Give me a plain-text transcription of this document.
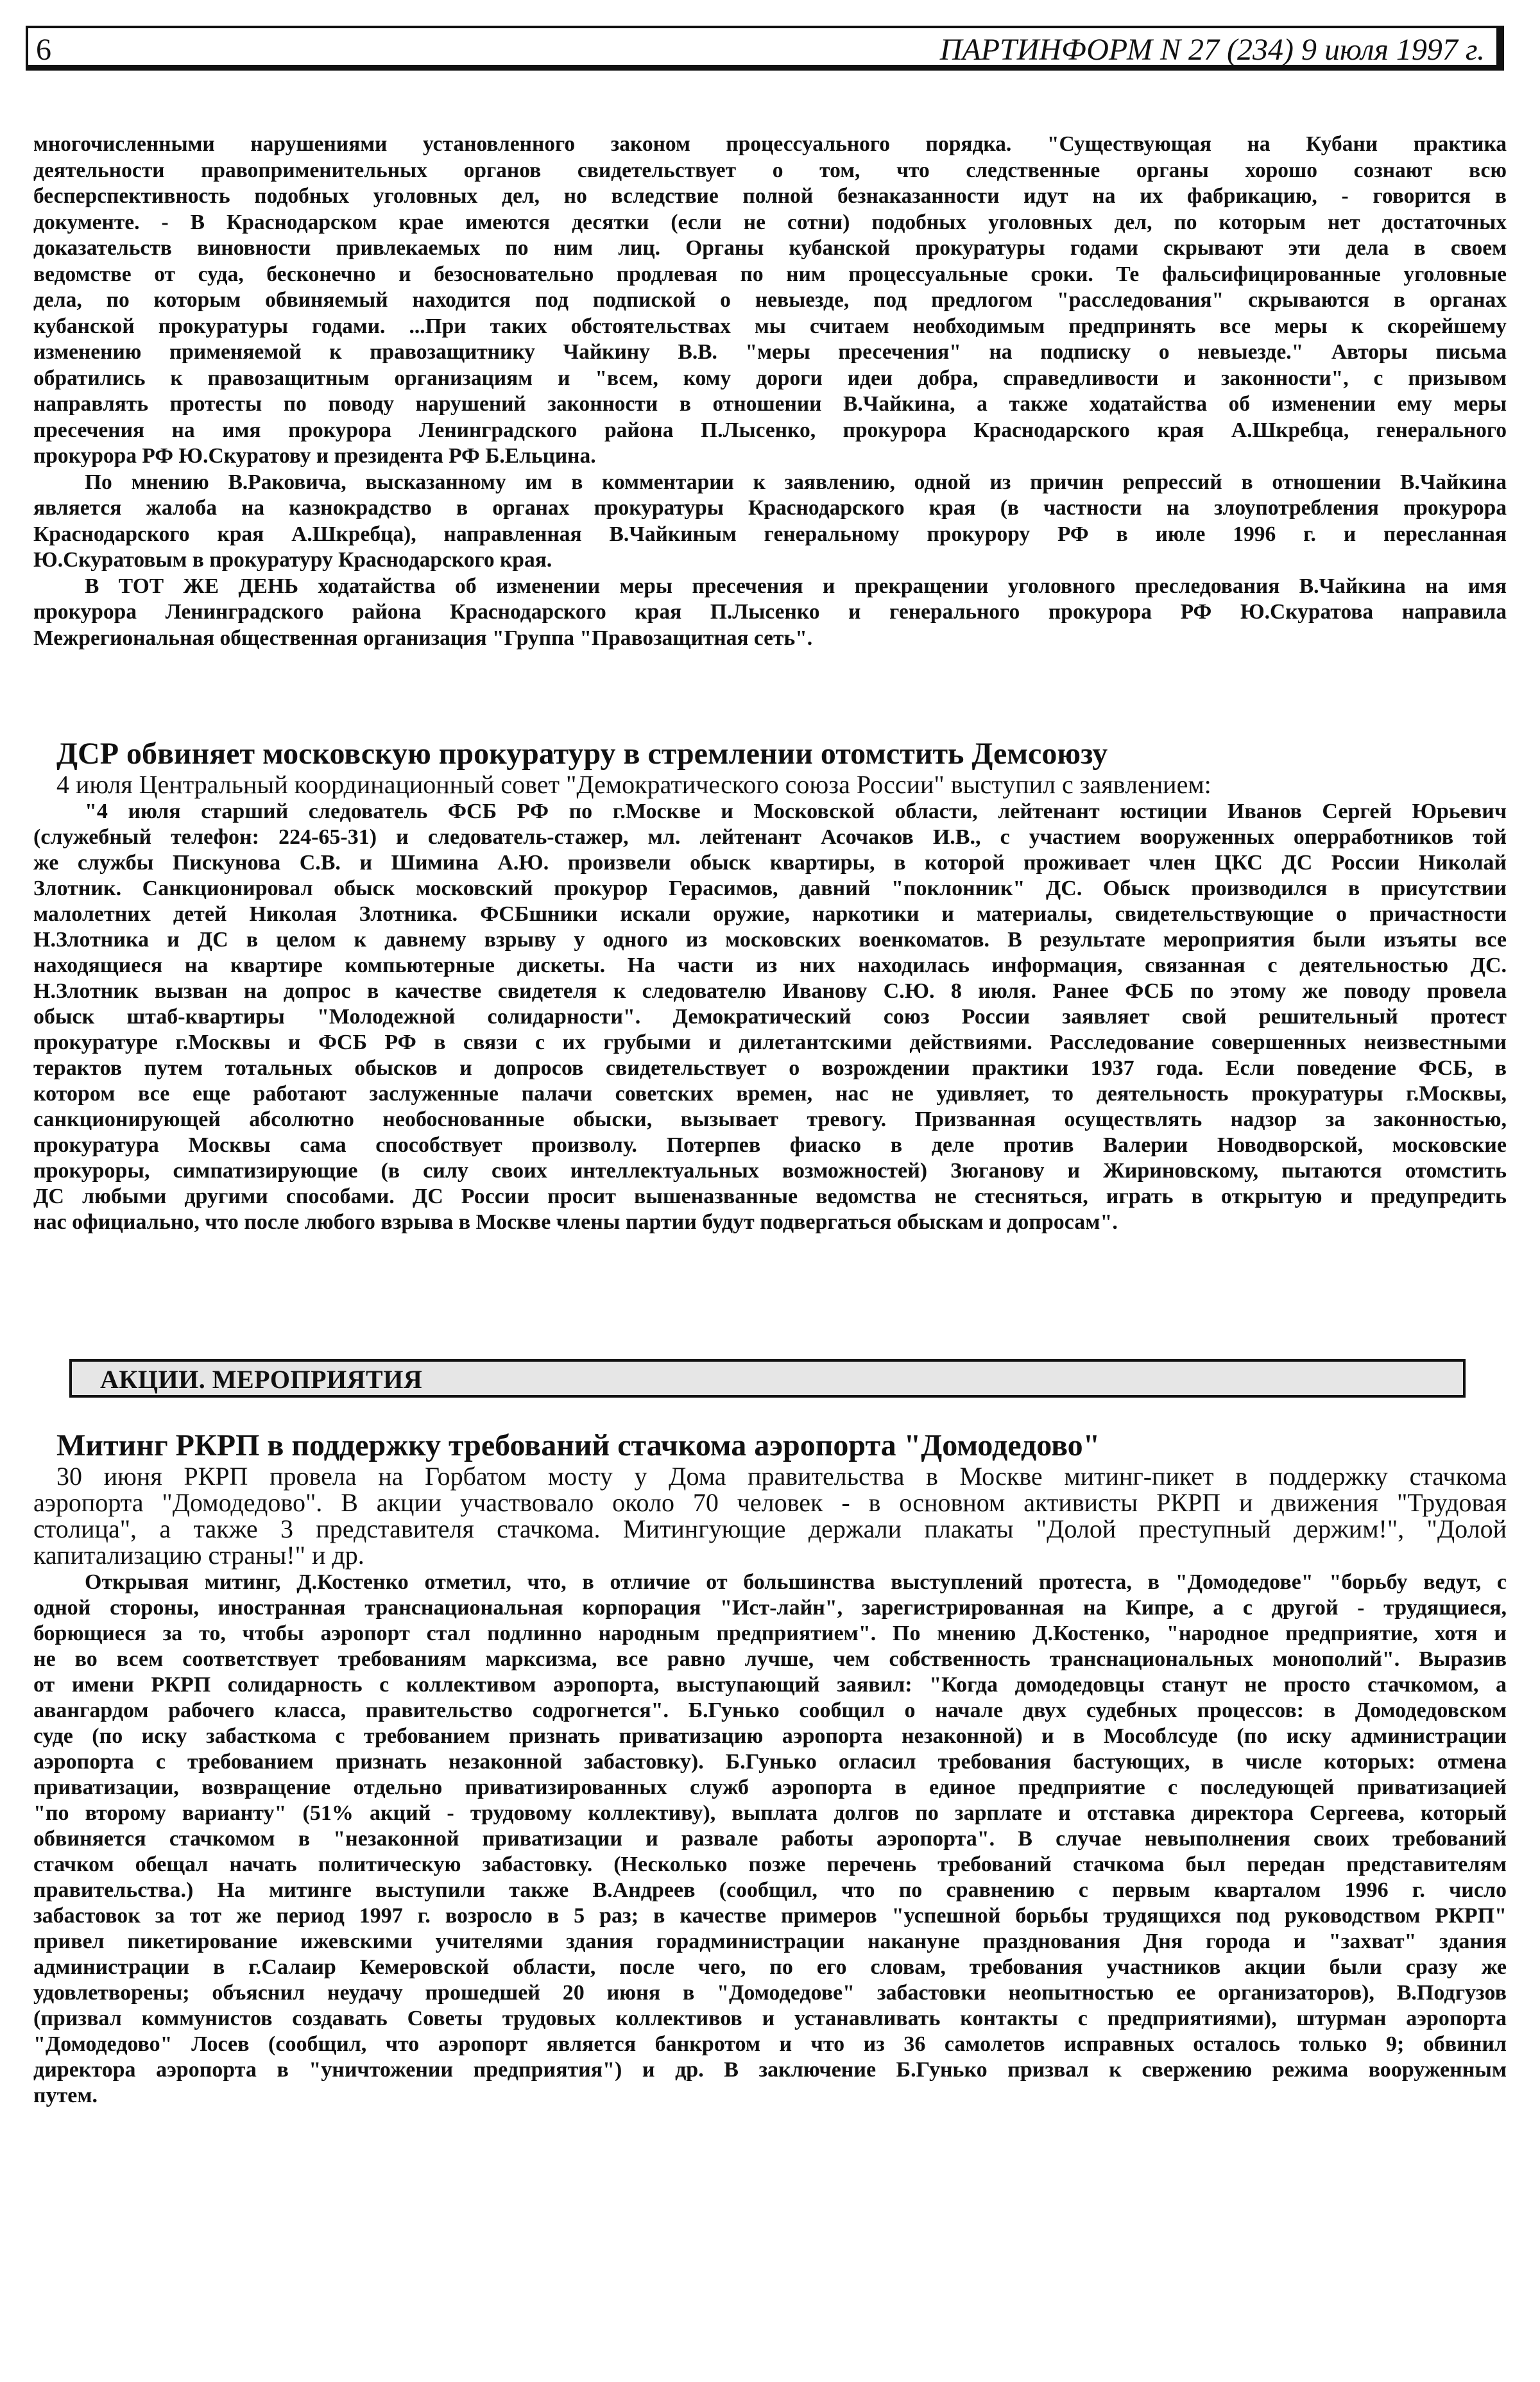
6	ПАРТИНФОРМ N 27 (234) 9 июля 1997 г.
многочисленными нарушениями установленного законом процессуального порядка. "Существующая на Кубани практика
деятельности правоприменительных органов свидетельствует о том, что следственные органы хорошо сознают всю
бесперспективность подобных уголовных дел, но вследствие полной безнаказанности идут на их фабрикацию, - говорится в
документе. - В Краснодарском крае имеются десятки (если не сотни) подобных уголовных дел, по которым нет достаточных
доказательств виновности привлекаемых по ним лиц. Органы кубанской прокуратуры годами скрывают эти дела в своем
ведомстве от суда, бесконечно и безосновательно продлевая по ним процессуальные сроки. Те фальсифицированные уголовные
дела, по которым обвиняемый находится под подпиской о невыезде, под предлогом "расследования" скрываются в органах
кубанской прокуратуры годами. ...При таких обстоятельствах мы считаем необходимым предпринять все меры к скорейшему
изменению применяемой к правозащитнику Чайкину В.В. "меры пресечения" на подписку о невыезде." Авторы письма
обратились к правозащитным организациям и "всем, кому дороги идеи добра, справедливости и законности", с призывом
направлять протесты по поводу нарушений законности в отношении В.Чайкина, а также ходатайства об изменении ему меры
пресечения на имя прокурора Ленинградского района П.Лысенко, прокурора Краснодарского края А.Шкребца, генерального
прокурора РФ Ю.Скуратову и президента РФ Б.Ельцина.
По мнению В.Раковича, высказанному им в комментарии к заявлению, одной из причин репрессий в отношении В.Чайкина
является жалоба на казнокрадство в органах прокуратуры Краснодарского края (в частности на злоупотребления прокурора
Краснодарского края А.Шкребца), направленная В.Чайкиным генеральному прокурору РФ в июле 1996 г. и пересланная
Ю.Скуратовым в прокуратуру Краснодарского края.
В ТОТ ЖЕ ДЕНЬ ходатайства об изменении меры пресечения и прекращении уголовного преследования В.Чайкина на имя
прокурора Ленинградского района Краснодарского края П.Лысенко и генерального прокурора РФ Ю.Скуратова направила
Межрегиональная общественная организация "Группа "Правозащитная сеть".
ДСР обвиняет московскую прокуратуру в стремлении отомстить Демсоюзу
4 июля Центральный координационный совет "Демократического союза России" выступил с заявлением:
"4 июля старший следователь ФСБ РФ по г.Москве и Московской области, лейтенант юстиции Иванов Сергей Юрьевич
(служебный телефон: 224-65-31) и следователь-стажер, мл. лейтенант Асочаков И.В., с участием вооруженных оперработников той
же службы Пискунова С.В. и Шимина А.Ю. произвели обыск квартиры, в которой проживает член ЦКС ДС России Николай
Злотник. Санкционировал обыск московский прокурор Герасимов, давний "поклонник" ДС. Обыск производился в присутствии
малолетних детей Николая Злотника. ФСБшники искали оружие, наркотики и материалы, свидетельствующие о причастности
Н.Злотника и ДС в целом к давнему взрыву у одного из московских военкоматов. В результате мероприятия были изъяты все
находящиеся на квартире компьютерные дискеты. На части из них находилась информация, связанная с деятельностью ДС.
Н.Злотник вызван на допрос в качестве свидетеля к следователю Иванову С.Ю. 8 июля. Ранее ФСБ по этому же поводу провела
обыск штаб-квартиры "Молодежной солидарности". Демократический союз России заявляет свой решительный протест
прокуратуре г.Москвы и ФСБ РФ в связи с их грубыми и дилетантскими действиями. Расследование совершенных неизвестными
терактов путем тотальных обысков и допросов свидетельствует о возрождении практики 1937 года. Если поведение ФСБ, в
котором все еще работают заслуженные палачи советских времен, нас не удивляет, то деятельность прокуратуры г.Москвы,
санкционирующей абсолютно необоснованные обыски, вызывает тревогу. Призванная осуществлять надзор за законностью,
прокуратура Москвы сама способствует произволу. Потерпев фиаско в деле против Валерии Новодворской, московские
прокуроры, симпатизирующие (в силу своих интеллектуальных возможностей) Зюганову и Жириновскому, пытаются отомстить
ДС любыми другими способами. ДС России просит вышеназванные ведомства не стесняться, играть в открытую и предупредить
нас официально, что после любого взрыва в Москве члены партии будут подвергаться обыскам и допросам".
АКЦИИ. МЕРОПРИЯТИЯ
Митинг РКРП в поддержку требований стачкома аэропорта "Домодедово"
30 июня РКРП провела на Горбатом мосту у Дома правительства в Москве митинг-пикет в поддержку стачкома
аэропорта "Домодедово". В акции участвовало около 70 человек - в основном активисты РКРП и движения "Трудовая
столица", а также 3 представителя стачкома. Митингующие держали плакаты "Долой преступный держим!", "Долой
капитализацию страны!" и др.
Открывая митинг, Д.Костенко отметил, что, в отличие от большинства выступлений протеста, в "Домодедове" "борьбу ведут, с
одной стороны, иностранная транснациональная корпорация "Ист-лайн", зарегистрированная на Кипре, а с другой - трудящиеся,
борющиеся за то, чтобы аэропорт стал подлинно народным предприятием". По мнению Д.Костенко, "народное предприятие, хотя и
не во всем соответствует требованиям марксизма, все равно лучше, чем собственность транснациональных монополий". Выразив
от имени РКРП солидарность с коллективом аэропорта, выступающий заявил: "Когда домодедовцы станут не просто стачкомом, а
авангардом рабочего класса, правительство содрогнется". Б.Гунько сообщил о начале двух судебных процессов: в Домодедовском
суде (по иску забасткома с требованием признать приватизацию аэропорта незаконной) и в Мособлсуде (по иску администрации
аэропорта с требованием признать незаконной забастовку). Б.Гунько огласил требования бастующих, в числе которых: отмена
приватизации, возвращение отдельно приватизированных служб аэропорта в единое предприятие с последующей приватизацией
"по второму варианту" (51% акций - трудовому коллективу), выплата долгов по зарплате и отставка директора Сергеева, который
обвиняется стачкомом в "незаконной приватизации и развале работы аэропорта". В случае невыполнения своих требований
стачком обещал начать политическую забастовку. (Несколько позже перечень требований стачкома был передан представителям
правительства.) На митинге выступили также В.Андреев (сообщил, что по сравнению с первым кварталом 1996 г. число
забастовок за тот же период 1997 г. возросло в 5 раз; в качестве примеров "успешной борьбы трудящихся под руководством РКРП"
привел пикетирование ижевскими учителями здания горадминистрации накануне празднования Дня города и "захват" здания
администрации в г.Салаир Кемеровской области, после чего, по его словам, требования участников акции были сразу же
удовлетворены; объяснил неудачу прошедшей 20 июня в "Домодедове" забастовки неопытностью ее организаторов), В.Подгузов
(призвал коммунистов создавать Советы трудовых коллективов и устанавливать контакты с предприятиями), штурман аэропорта
"Домодедово" Лосев (сообщил, что аэропорт является банкротом и что из 36 самолетов исправных осталось только 9; обвинил
директора аэропорта в "уничтожении предприятия") и др. В заключение Б.Гунько призвал к свержению режима вооруженным
путем.
